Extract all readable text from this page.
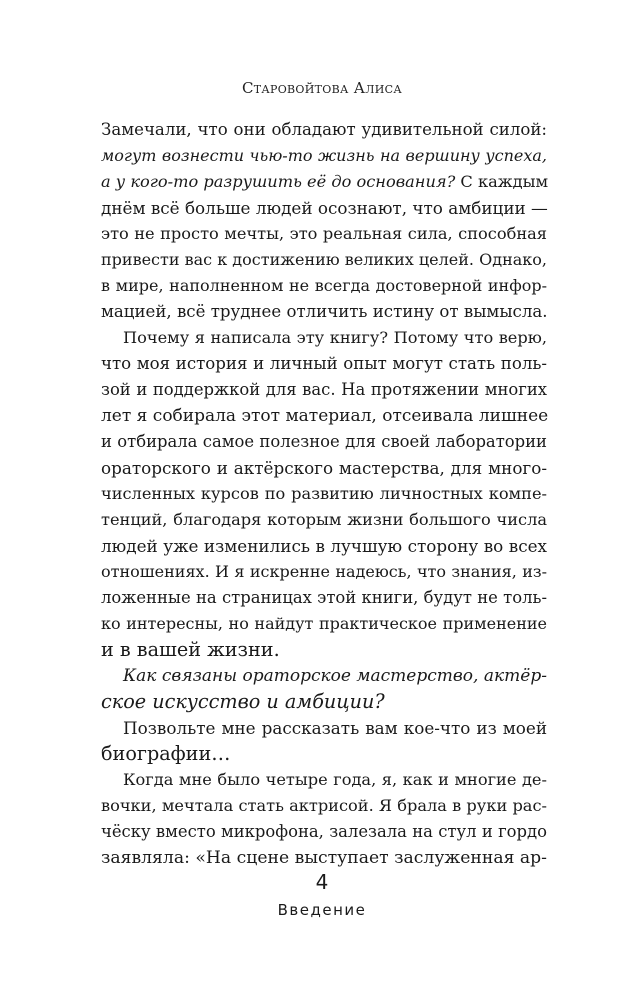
Старовойтова Алиса
Замечали, что они обладают удивительной силой:
могут вознести чью-то жизнь на вершину успеха,
а у кого-то разрушить её до основания? С каждым
днём всё больше людей осознают, что амбиции —
это не просто мечты, это реальная сила, способная
привести вас к достижению великих целей. Однако,
в мире, наполненном не всегда достоверной инфор-
мацией, всё труднее отличить истину от вымысла.
Почему я написала эту книгу? Потому что верю,
что моя история и личный опыт могут стать поль-
зой и поддержкой для вас. На протяжении многих
лет я собирала этот материал, отсеивала лишнее
и отбирала самое полезное для своей лаборатории
ораторского и актёрского мастерства, для много-
численных курсов по развитию личностных компе-
тенций, благодаря которым жизни большого числа
людей уже изменились в лучшую сторону во всех
отношениях. И я искренне надеюсь, что знания, из-
ложенные на страницах этой книги, будут не толь-
ко интересны, но найдут практическое применение
и в вашей жизни.
Как связаны ораторское мастерство, актёр-
ское искусство и амбиции?
Позвольте мне рассказать вам кое-что из моей
биографии…
Когда мне было четыре года, я, как и многие де-
вочки, мечтала стать актрисой. Я брала в руки рас-
чёску вместо микрофона, залезала на стул и гордо
заявляла: «На сцене выступает заслуженная ар-
4
Введение
